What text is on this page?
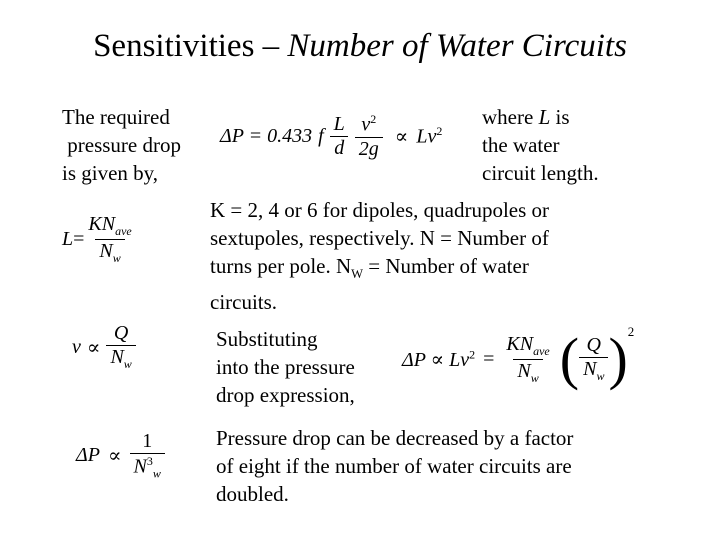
Sensitivities – Number of Water Circuits
The required
pressure drop
is given by,
ΔP = 0.433 f $\frac{L}{d} \frac{v^2}{2g} \propto Lv^2$
where L is
the water
circuit length.
$L = \frac{KN_{ave}}{N_w}$
K = 2, 4 or 6 for dipoles, quadrupoles or
sextupoles, respectively. N = Number of
turns per pole. $N_W$ = Number of water
circuits.
$v \propto \frac{Q}{N_w}$	Substituting
into the pressure
drop expression,
$\Delta P \propto Lv^2 = \frac{KN_{ave}}{N_w}$ ( $\frac{Q}{N_w}$ ) 2
$\Delta P \propto \frac{1}{N^3_w}$ Pressure drop can be decreased by a factor
of eight if the number of water circuits are
doubled.
